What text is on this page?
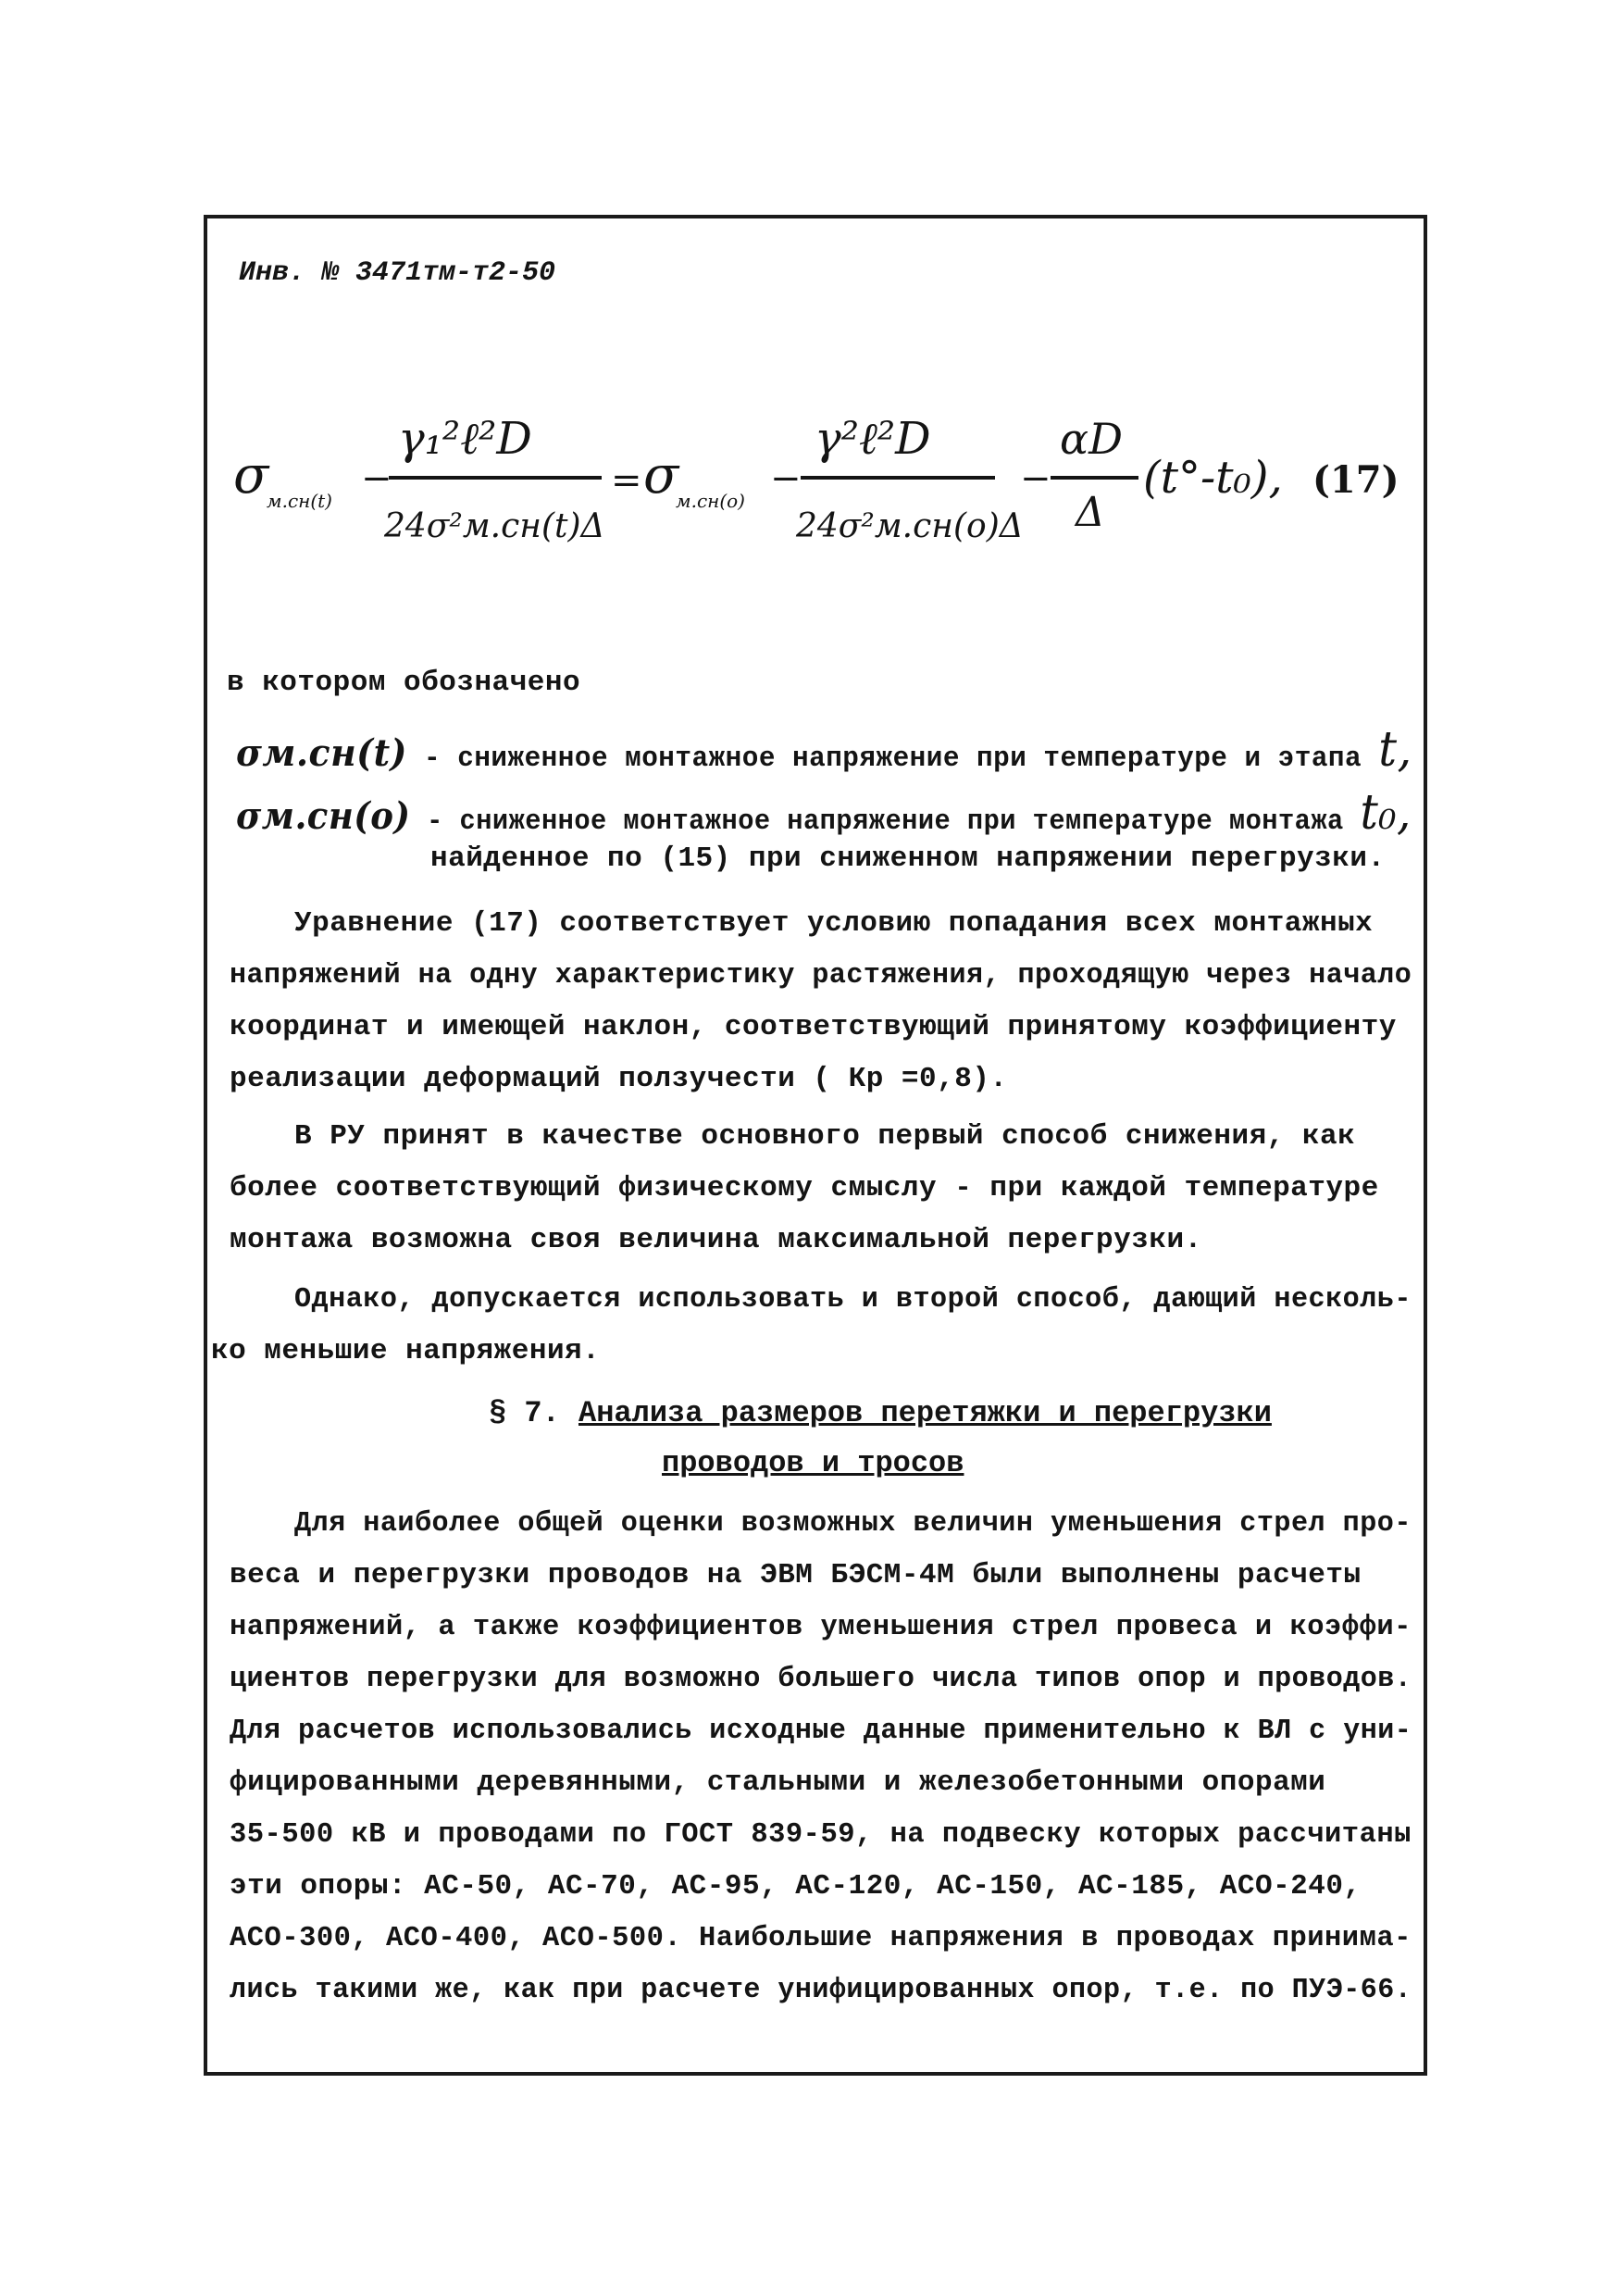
Инв. № 3471тм-т2-50
σ
м.сн(t)
−
γ₁²ℓ²D
24σ²м.сн(t)Δ
= σ
м.сн(o)
−
γ²ℓ²D
24σ²м.сн(o)Δ
−
αD
Δ
(t°-t₀), (17)
в котором обозначено
σм.сн(t) - сниженное монтажное напряжение при температуре и этапа t,
σм.сн(o) - сниженное монтажное напряжение при температуре монтажа t₀,
найденное по (15) при сниженном напряжении перегрузки.
Уравнение (17) соответствует условию попадания всех монтажных
напряжений на одну характеристику растяжения, проходящую через начало
координат и имеющей наклон, соответствующий принятому коэффициенту
реализации деформаций ползучести ( Кр =0,8).
В РУ принят в качестве основного первый способ снижения, как
более соответствующий физическому смыслу - при каждой температуре
монтажа возможна своя величина максимальной перегрузки.
Однако, допускается использовать и второй способ, дающий несколь-
ко меньшие напряжения.
§ 7. Анализа размеров перетяжки и перегрузки
проводов и тросов
Для наиболее общей оценки возможных величин уменьшения стрел про-
веса и перегрузки проводов на ЭВМ БЭСМ-4М были выполнены расчеты
напряжений, а также коэффициентов уменьшения стрел провеса и коэффи-
циентов перегрузки для возможно большего числа типов опор и проводов.
Для расчетов использовались исходные данные применительно к ВЛ с уни-
фицированными деревянными, стальными и железобетонными опорами
35-500 кВ и проводами по ГОСТ 839-59, на подвеску которых рассчитаны
эти опоры: АС-50, АС-70, АС-95, АС-120, АС-150, АС-185, АСО-240,
АСО-300, АСО-400, АСО-500. Наибольшие напряжения в проводах принима-
лись такими же, как при расчете унифицированных опор, т.е. по ПУЭ-66.
